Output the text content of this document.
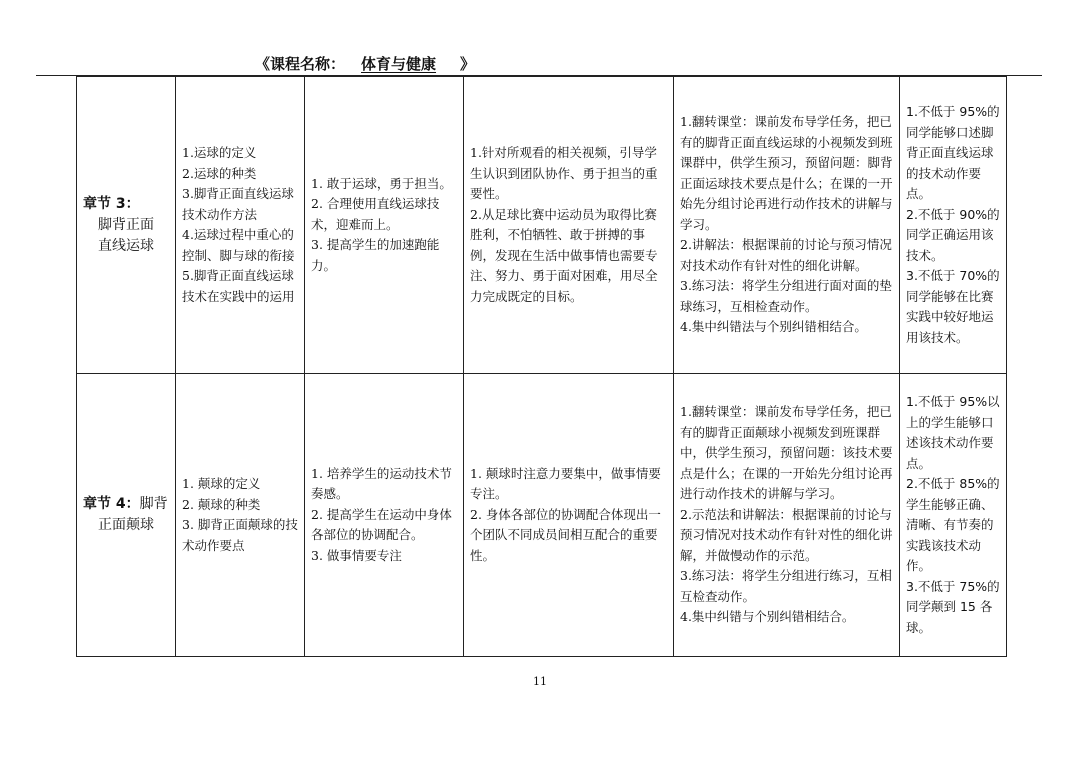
《课程名称： 体育与健康 》
章节 3：
脚背正面
直线运球	1.运球的定义
2.运球的种类
3.脚背正面直线运球技术动作方法
4.运球过程中重心的控制、脚与球的衔接
5.脚背正面直线运球技术在实践中的运用	1. 敢于运球，勇于担当。
2. 合理使用直线运球技术，迎难而上。
3. 提高学生的加速跑能力。	1.针对所观看的相关视频，引导学生认识到团队协作、勇于担当的重要性。
2.从足球比赛中运动员为取得比赛胜利，不怕牺牲、敢于拼搏的事例，发现在生活中做事情也需要专注、努力、勇于面对困难，用尽全力完成既定的目标。	1.翻转课堂：课前发布导学任务，把已有的脚背正面直线运球的小视频发到班课群中，供学生预习，预留问题：脚背正面运球技术要点是什么；在课的一开始先分组讨论再进行动作技术的讲解与学习。
2.讲解法：根据课前的讨论与预习情况对技术动作有针对性的细化讲解。
3.练习法：将学生分组进行面对面的垫球练习，互相检查动作。
4.集中纠错法与个别纠错相结合。	1.不低于 95%的同学能够口述脚背正面直线运球的技术动作要点。
2.不低于 90%的同学正确运用该技术。
3.不低于 70%的同学能够在比赛实践中较好地运用该技术。

章节 4：脚背
正面颠球	1. 颠球的定义
2. 颠球的种类
3. 脚背正面颠球的技术动作要点	1. 培养学生的运动技术节奏感。
2. 提高学生在运动中身体各部位的协调配合。
3. 做事情要专注	1. 颠球时注意力要集中，做事情要专注。
2. 身体各部位的协调配合体现出一个团队不同成员间相互配合的重要性。	1.翻转课堂：课前发布导学任务，把已有的脚背正面颠球小视频发到班课群中，供学生预习，预留问题：该技术要点是什么；在课的一开始先分组讨论再进行动作技术的讲解与学习。
2.示范法和讲解法：根据课前的讨论与预习情况对技术动作有针对性的细化讲解，并做慢动作的示范。
3.练习法：将学生分组进行练习，互相互检查动作。
4.集中纠错与个别纠错相结合。	1.不低于 95%以上的学生能够口述该技术动作要点。
2.不低于 85%的学生能够正确、清晰、有节奏的实践该技术动作。
3.不低于 75%的同学颠到 15 各球。
11
